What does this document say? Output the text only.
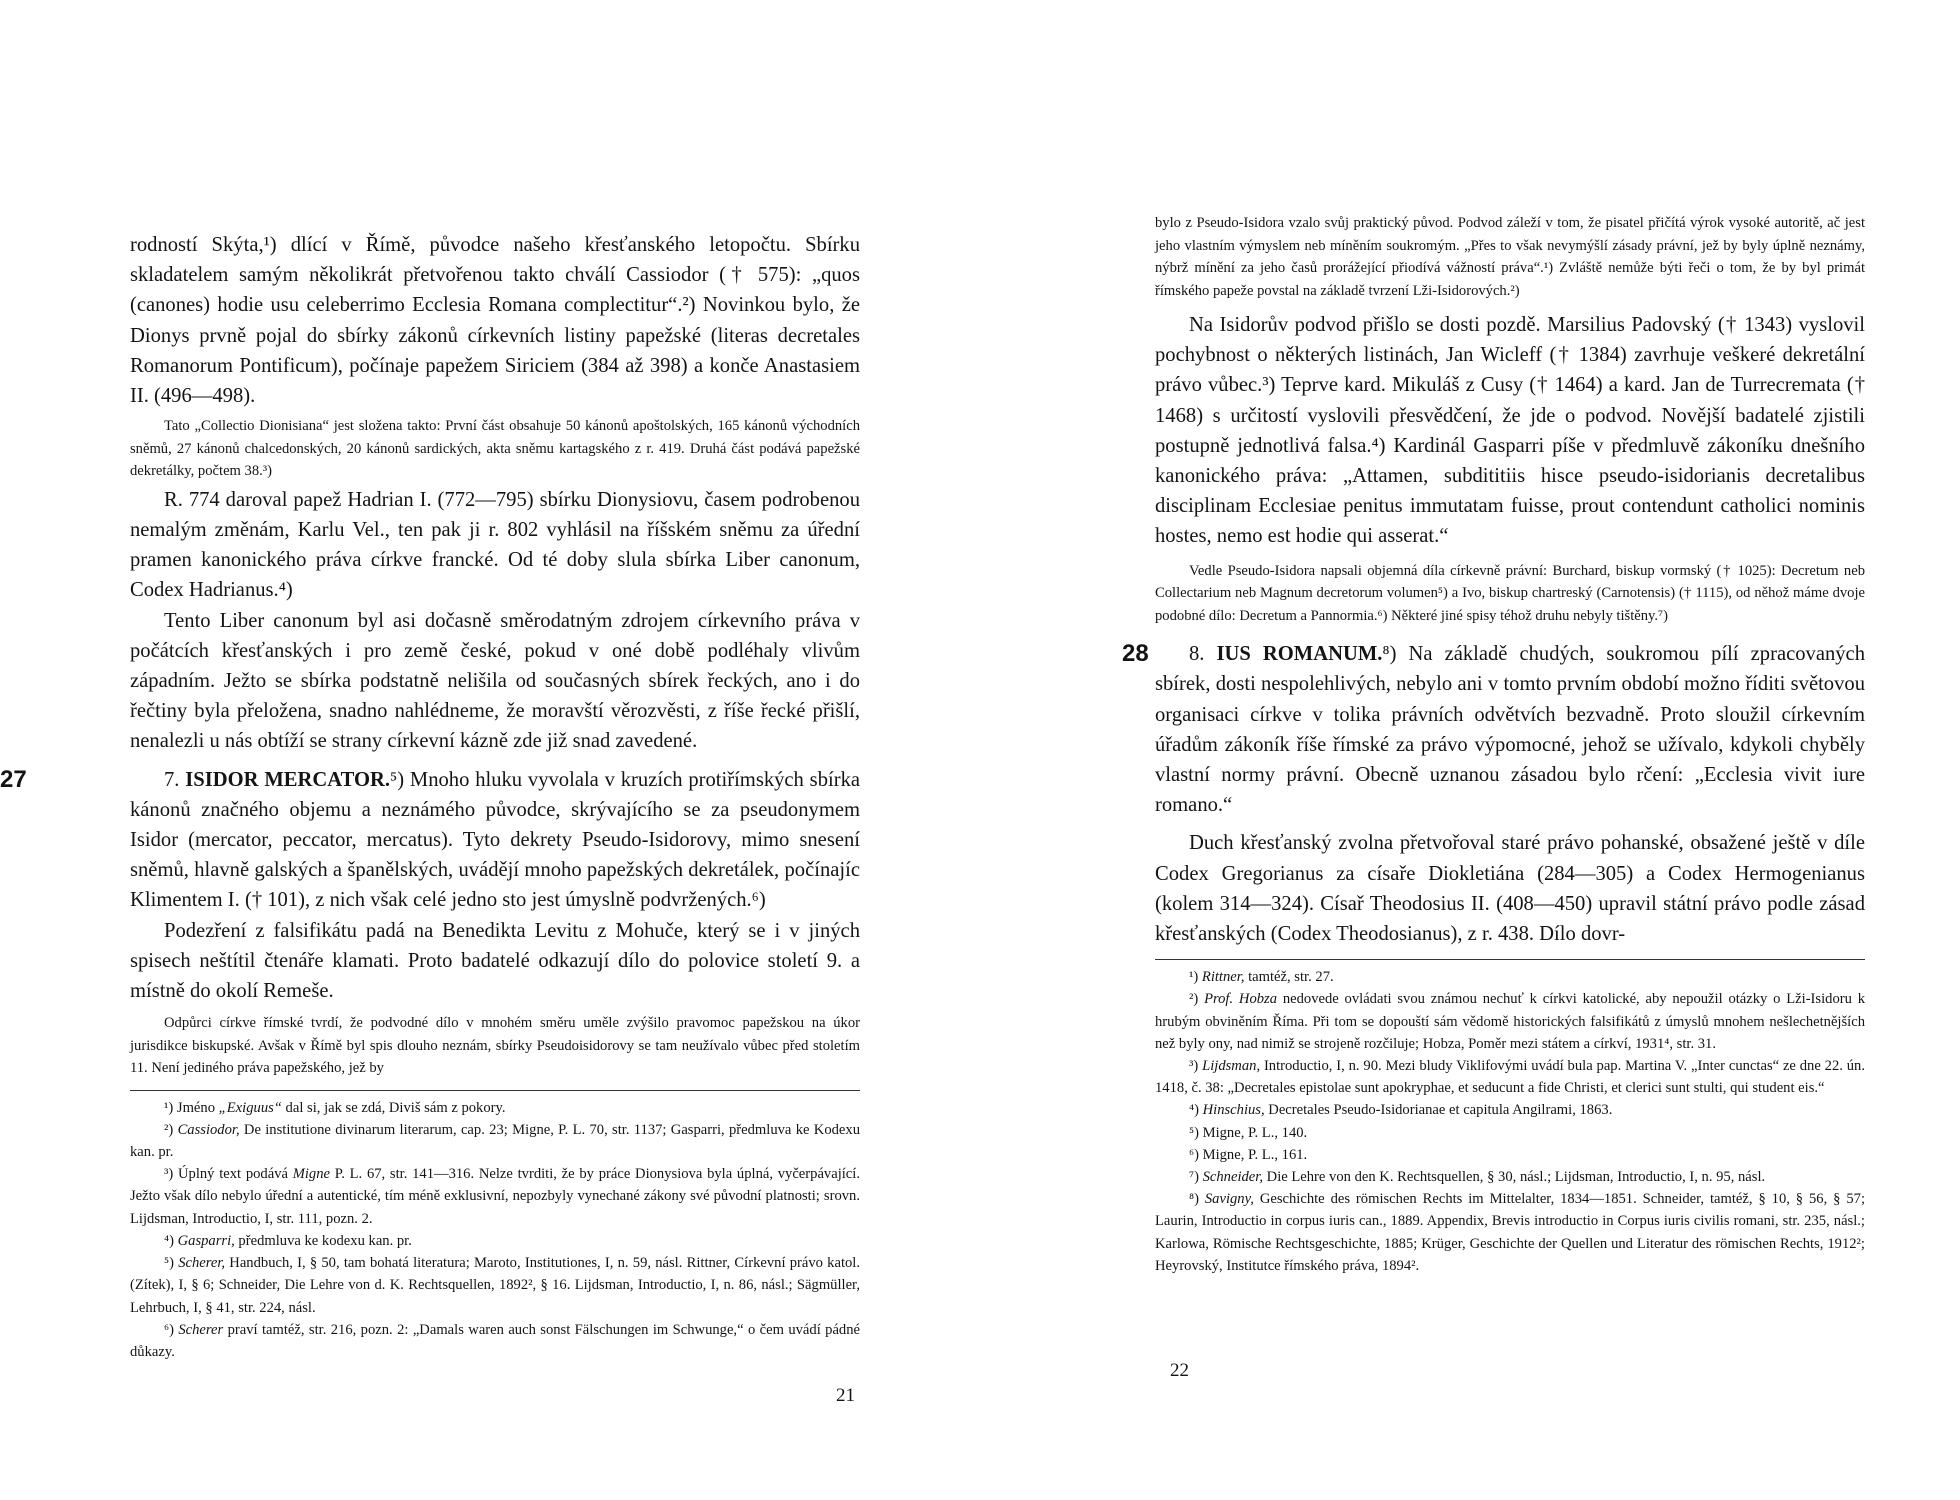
rodností Skýta,¹) dlící v Římě, původce našeho křesťanského letopočtu. Sbírku skladatelem samým několikrát přetvořenou takto chválí Cassiodor († 575): „quos (canones) hodie usu celeberrimo Ecclesia Romana complectitur“.²) Novinkou bylo, že Dionys prvně pojal do sbírky zákonů církevních listiny papežské (literas decretales Romanorum Pontificum), počínaje papežem Siriciem (384 až 398) a konče Anastasiem II. (496—498).

Tato „Collectio Dionisiana“ jest složena takto: První část obsahuje 50 kánonů apoštolských, 165 kánonů východních sněmů, 27 kánonů chalcedonských, 20 kánonů sardických, akta sněmu kartagského z r. 419. Druhá část podává papežské dekretálky, počtem 38.³)

R. 774 daroval papež Hadrian I. (772—795) sbírku Dionysiovu, časem podrobenou nemalým změnám, Karlu Vel., ten pak ji r. 802 vyhlásil na říšském sněmu za úřední pramen kanonického práva církve francké. Od té doby slula sbírka Liber canonum, Codex Hadrianus.⁴)

Tento Liber canonum byl asi dočasně směrodatným zdrojem církevního práva v počátcích křesťanských i pro země české, pokud v oné době podléhaly vlivům západním. Ježto se sbírka podstatně nelišila od současných sbírek řeckých, ano i do řečtiny byla přeložena, snadno nahlédneme, že moravští věrozvěsti, z říše řecké přišlí, nenalezli u nás obtíží se strany církevní kázně zde již snad zavedené.

27	7. ISIDOR MERCATOR.⁵) Mnoho hluku vyvolala v kruzích protiřímských sbírka kánonů značného objemu a neznámého původce, skrývajícího se za pseudonymem Isidor (mercator, peccator, mercatus). Tyto dekrety Pseudo-Isidorovy, mimo snesení sněmů, hlavně galských a španělských, uvádějí mnoho papežských dekretálek, počínajíc Klimentem I. († 101), z nich však celé jedno sto jest úmyslně podvržených.⁶)

Podezření z falsifikátu padá na Benedikta Levitu z Mohuče, který se i v jiných spisech neštítil čtenáře klamati. Proto badatelé odkazují dílo do polovice století 9. a místně do okolí Remeše.

Odpůrci církve římské tvrdí, že podvodné dílo v mnohém směru uměle zvýšilo pravomoc papežskou na úkor jurisdikce biskupské. Avšak v Římě byl spis dlouho neznám, sbírky Pseudoisidorovy se tam neužívalo vůbec před stoletím 11. Není jediného práva papežského, jež by

¹) Jméno „Exiguus“ dal si, jak se zdá, Diviš sám z pokory.

²) Cassiodor, De institutione divinarum literarum, cap. 23; Migne, P. L. 70, str. 1137; Gasparri, předmluva ke Kodexu kan. pr.

³) Úplný text podává Migne P. L. 67, str. 141—316. Nelze tvrditi, že by práce Dionysiova byla úplná, vyčerpávající. Ježto však dílo nebylo úřední a autentické, tím méně exklusivní, nepozbyly vynechané zákony své původní platnosti; srovn. Lijdsman, Introductio, I, str. 111, pozn. 2.

⁴) Gasparri, předmluva ke kodexu kan. pr.

⁵) Scherer, Handbuch, I, § 50, tam bohatá literatura; Maroto, Institutiones, I, n. 59, násl. Rittner, Církevní právo katol. (Zítek), I, § 6; Schneider, Die Lehre von d. K. Rechtsquellen, 1892², § 16. Lijdsman, Introductio, I, n. 86, násl.; Sägmüller, Lehrbuch, I, § 41, str. 224, násl.

⁶) Scherer praví tamtéž, str. 216, pozn. 2: „Damals waren auch sonst Fälschungen im Schwunge,“ o čem uvádí pádné důkazy.

21

bylo z Pseudo-Isidora vzalo svůj praktický původ. Podvod záleží v tom, že pisatel přičítá výrok vysoké autoritě, ač jest jeho vlastním výmyslem neb míněním soukromým. „Přes to však nevymýšlí zásady právní, jež by byly úplně neznámy, nýbrž mínění za jeho časů prorážející přiodívá vážností práva“.¹) Zvláště nemůže býti řeči o tom, že by byl primát římského papeže povstal na základě tvrzení Lži-Isidorových.²)

Na Isidorův podvod přišlo se dosti pozdě. Marsilius Padovský († 1343) vyslovil pochybnost o některých listinách, Jan Wicleff († 1384) zavrhuje veškeré dekretální právo vůbec.³) Teprve kard. Mikuláš z Cusy († 1464) a kard. Jan de Turrecremata († 1468) s určitostí vyslovili přesvědčení, že jde o podvod. Novější badatelé zjistili postupně jednotlivá falsa.⁴) Kardinál Gasparri píše v předmluvě zákoníku dnešního kanonického práva: „Attamen, subdititiis hisce pseudo-isidorianis decretalibus disciplinam Ecclesiae penitus immutatam fuisse, prout contendunt catholici nominis hostes, nemo est hodie qui asserat.“

Vedle Pseudo-Isidora napsali objemná díla církevně právní: Burchard, biskup vormský († 1025): Decretum neb Collectarium neb Magnum decretorum volumen⁵) a Ivo, biskup chartreský (Carnotensis) († 1115), od něhož máme dvoje podobné dílo: Decretum a Pannormia.⁶) Některé jiné spisy téhož druhu nebyly tištěny.⁷)

28 8. IUS ROMANUM.⁸) Na základě chudých, soukromou pílí zpracovaných sbírek, dosti nespolehlivých, nebylo ani v tomto prvním období možno říditi světovou organisaci církve v tolika právních odvětvích bezvadně. Proto sloužil církevním úřadům zákoník říše římské za právo výpomocné, jehož se užívalo, kdykoli chyběly vlastní normy právní. Obecně uznanou zásadou bylo rčení: „Ecclesia vivit iure romano.“

Duch křesťanský zvolna přetvořoval staré právo pohanské, obsažené ještě v díle Codex Gregorianus za císaře Diokletiána (284—305) a Codex Hermogenianus (kolem 314—324). Císař Theodosius II. (408—450) upravil státní právo podle zásad křesťanských (Codex Theodosianus), z r. 438. Dílo dovr-

¹) Rittner, tamtéž, str. 27.

²) Prof. Hobza nedovede ovládati svou známou nechuť k církvi katolické, aby nepoužil otázky o Lži-Isidoru k hrubým obviněním Říma. Při tom se dopouští sám vědomě historických falsifikátů z úmyslů mnohem nešlechetnějších než byly ony, nad nimiž se strojeně rozčiluje; Hobza, Poměr mezi státem a církví, 1931⁴, str. 31.

³) Lijdsman, Introductio, I, n. 90. Mezi bludy Viklifovými uvádí bula pap. Martina V. „Inter cunctas“ ze dne 22. ún. 1418, č. 38: „Decretales epistolae sunt apokryphae, et seducunt a fide Christi, et clerici sunt stulti, qui student eis.“

⁴) Hinschius, Decretales Pseudo-Isidorianae et capitula Angilrami, 1863.

⁵) Migne, P. L., 140.

⁶) Migne, P. L., 161.

⁷) Schneider, Die Lehre von den K. Rechtsquellen, § 30, násl.; Lijdsman, Introductio, I, n. 95, násl.

⁸) Savigny, Geschichte des römischen Rechts im Mittelalter, 1834—1851. Schneider, tamtéž, § 10, § 56, § 57; Laurin, Introductio in corpus iuris can., 1889. Appendix, Brevis introductio in Corpus iuris civilis romani, str. 235, násl.; Karlowa, Römische Rechtsgeschichte, 1885; Krüger, Geschichte der Quellen und Literatur des römischen Rechts, 1912²; Heyrovský, Institutce římského práva, 1894².

22
